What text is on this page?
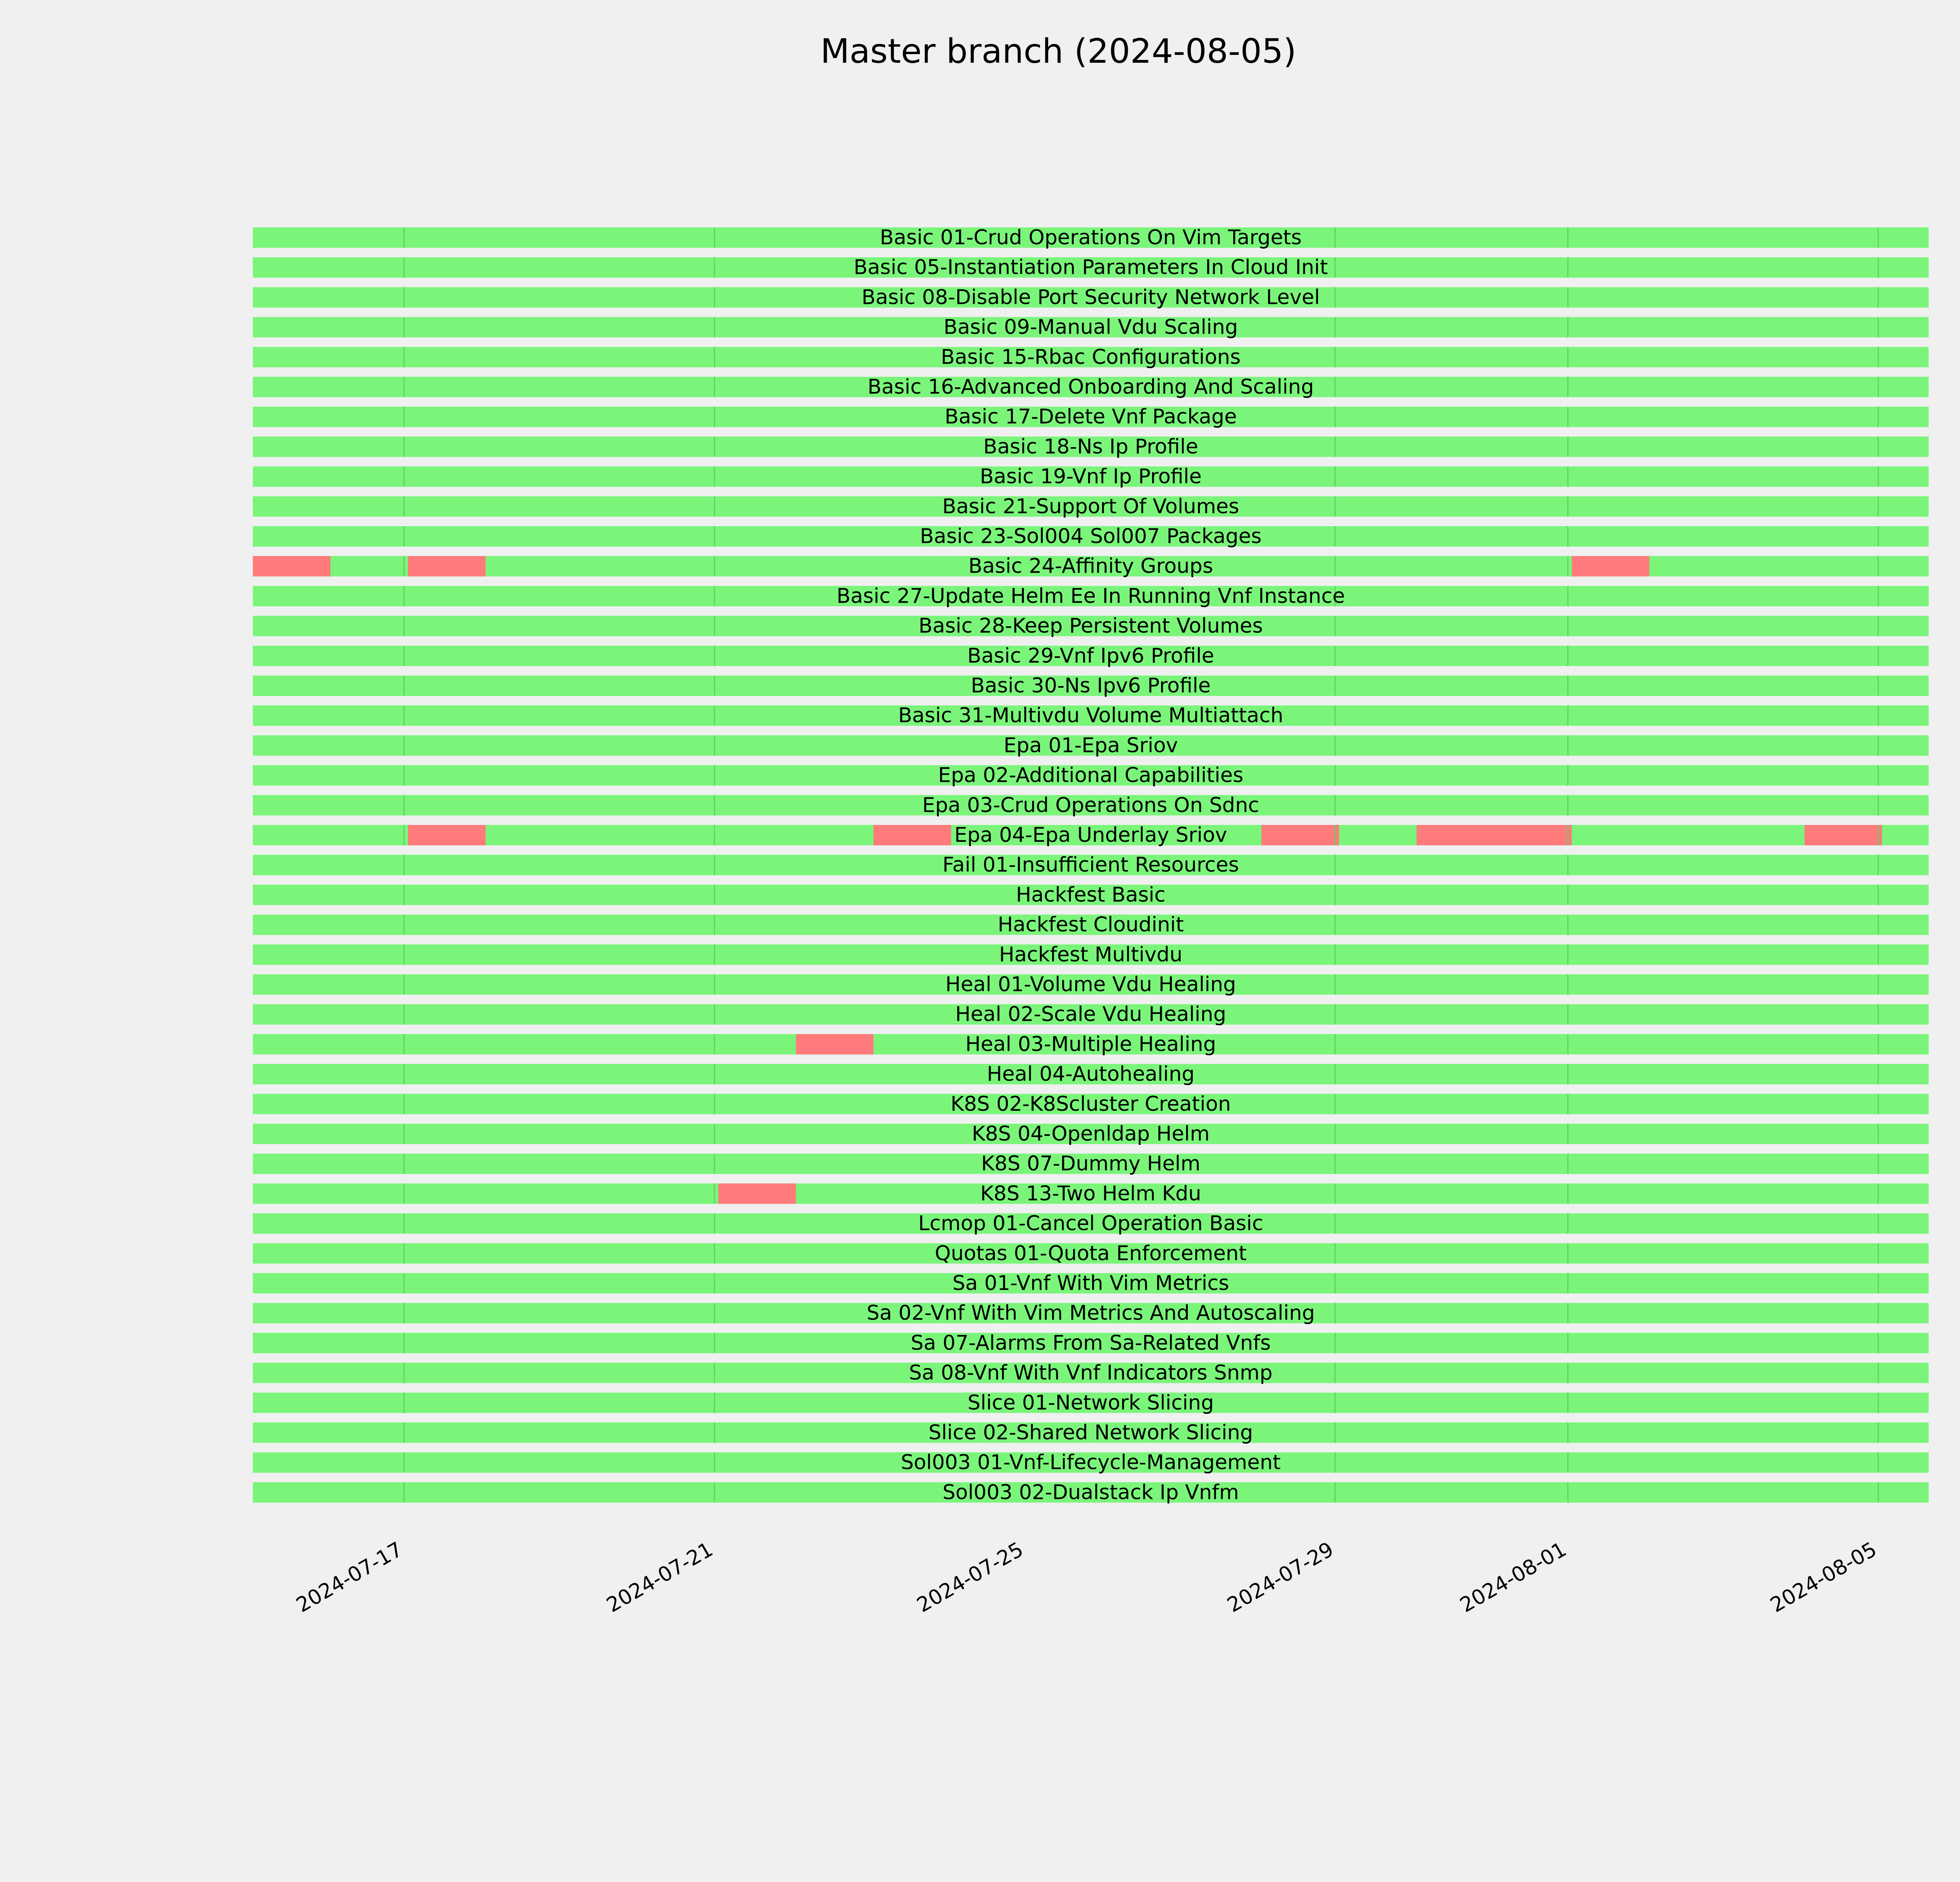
Master branch (2024-08-05)
Basic 01-Crud Operations On Vim Targets
Basic 05-Instantiation Parameters In Cloud Init
Basic 08-Disable Port Security Network Level
Basic 09-Manual Vdu Scaling
Basic 15-Rbac Configurations
Basic 16-Advanced Onboarding And Scaling
Basic 17-Delete Vnf Package
Basic 18-Ns Ip Profile
Basic 19-Vnf Ip Profile
Basic 21-Support Of Volumes
Basic 23-Sol004 Sol007 Packages
Basic 24-Affinity Groups
Basic 27-Update Helm Ee In Running Vnf Instance
Basic 28-Keep Persistent Volumes
Basic 29-Vnf Ipv6 Profile
Basic 30-Ns Ipv6 Profile
Basic 31-Multivdu Volume Multiattach
Epa 01-Epa Sriov
Epa 02-Additional Capabilities
Epa 03-Crud Operations On Sdnc
Epa 04-Epa Underlay Sriov
Fail 01-Insufficient Resources
Hackfest Basic
Hackfest Cloudinit
Hackfest Multivdu
Heal 01-Volume Vdu Healing
Heal 02-Scale Vdu Healing
Heal 03-Multiple Healing
Heal 04-Autohealing
K8S 02-K8Scluster Creation
K8S 04-Openldap Helm
K8S 07-Dummy Helm
K8S 13-Two Helm Kdu
Lcmop 01-Cancel Operation Basic
Quotas 01-Quota Enforcement
Sa 01-Vnf With Vim Metrics
Sa 02-Vnf With Vim Metrics And Autoscaling
Sa 07-Alarms From Sa-Related Vnfs
Sa 08-Vnf With Vnf Indicators Snmp
Slice 01-Network Slicing
Slice 02-Shared Network Slicing
Sol003 01-Vnf-Lifecycle-Management
Sol003 02-Dualstack Ip Vnfm
2024-07-17	2024-07-21	2024-07-25	2024-07-29	2024-08-01	2024-08-05
